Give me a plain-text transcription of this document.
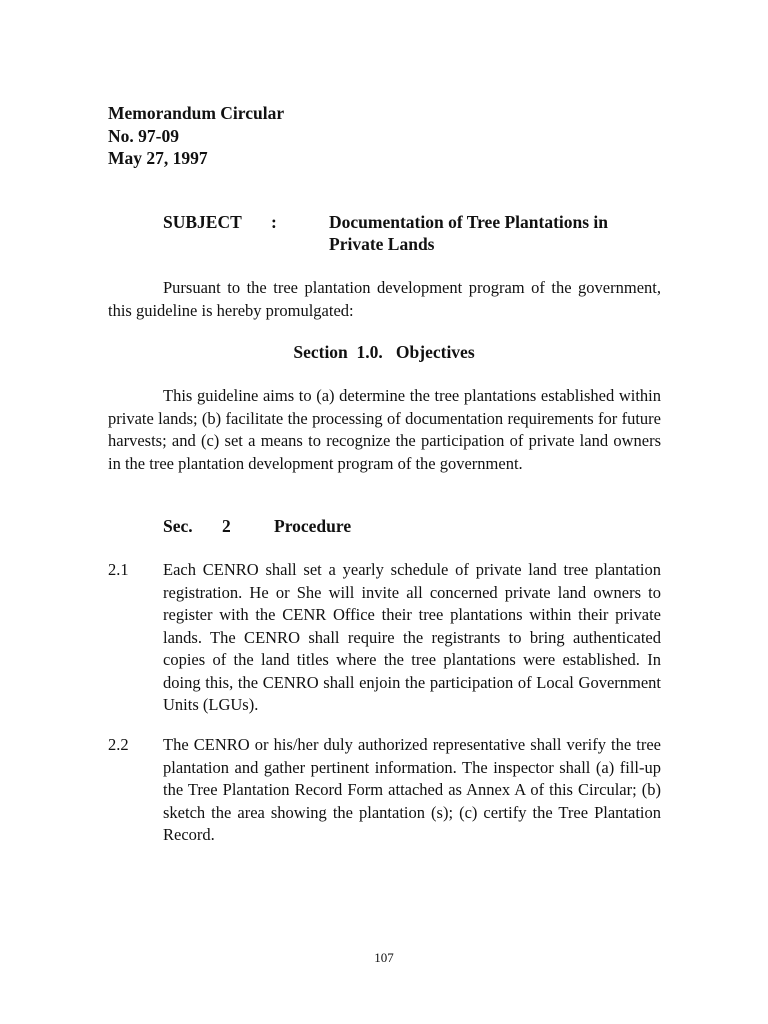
Memorandum Circular
No. 97-09
May 27, 1997
SUBJECT :	Documentation of Tree Plantations in Private Lands

Pursuant to the tree plantation development program of the government, this guideline is hereby promulgated:

Section  1.0.   Objectives

This guideline aims to (a) determine the tree plantations established within private lands; (b) facilitate the processing of documentation requirements for future harvests; and (c) set a means to recognize the participation of private land owners in the tree plantation development program of the government.

Sec. 2 Procedure
2.1 Each CENRO shall set a yearly schedule of private land tree plantation registration. He or She will invite all concerned private land owners to register with the CENR Office their tree plantations within their private lands. The CENRO shall require the registrants to bring authenticated copies of the land titles where the tree plantations were established. In doing this, the CENRO shall enjoin the participation of Local Government Units (LGUs).

2.2 The CENRO or his/her duly authorized representative shall verify the tree plantation and gather pertinent information. The inspector shall (a) fill-up the Tree Plantation Record Form attached as Annex A of this Circular; (b) sketch the area showing the plantation (s); (c) certify the Tree Plantation Record.

107
